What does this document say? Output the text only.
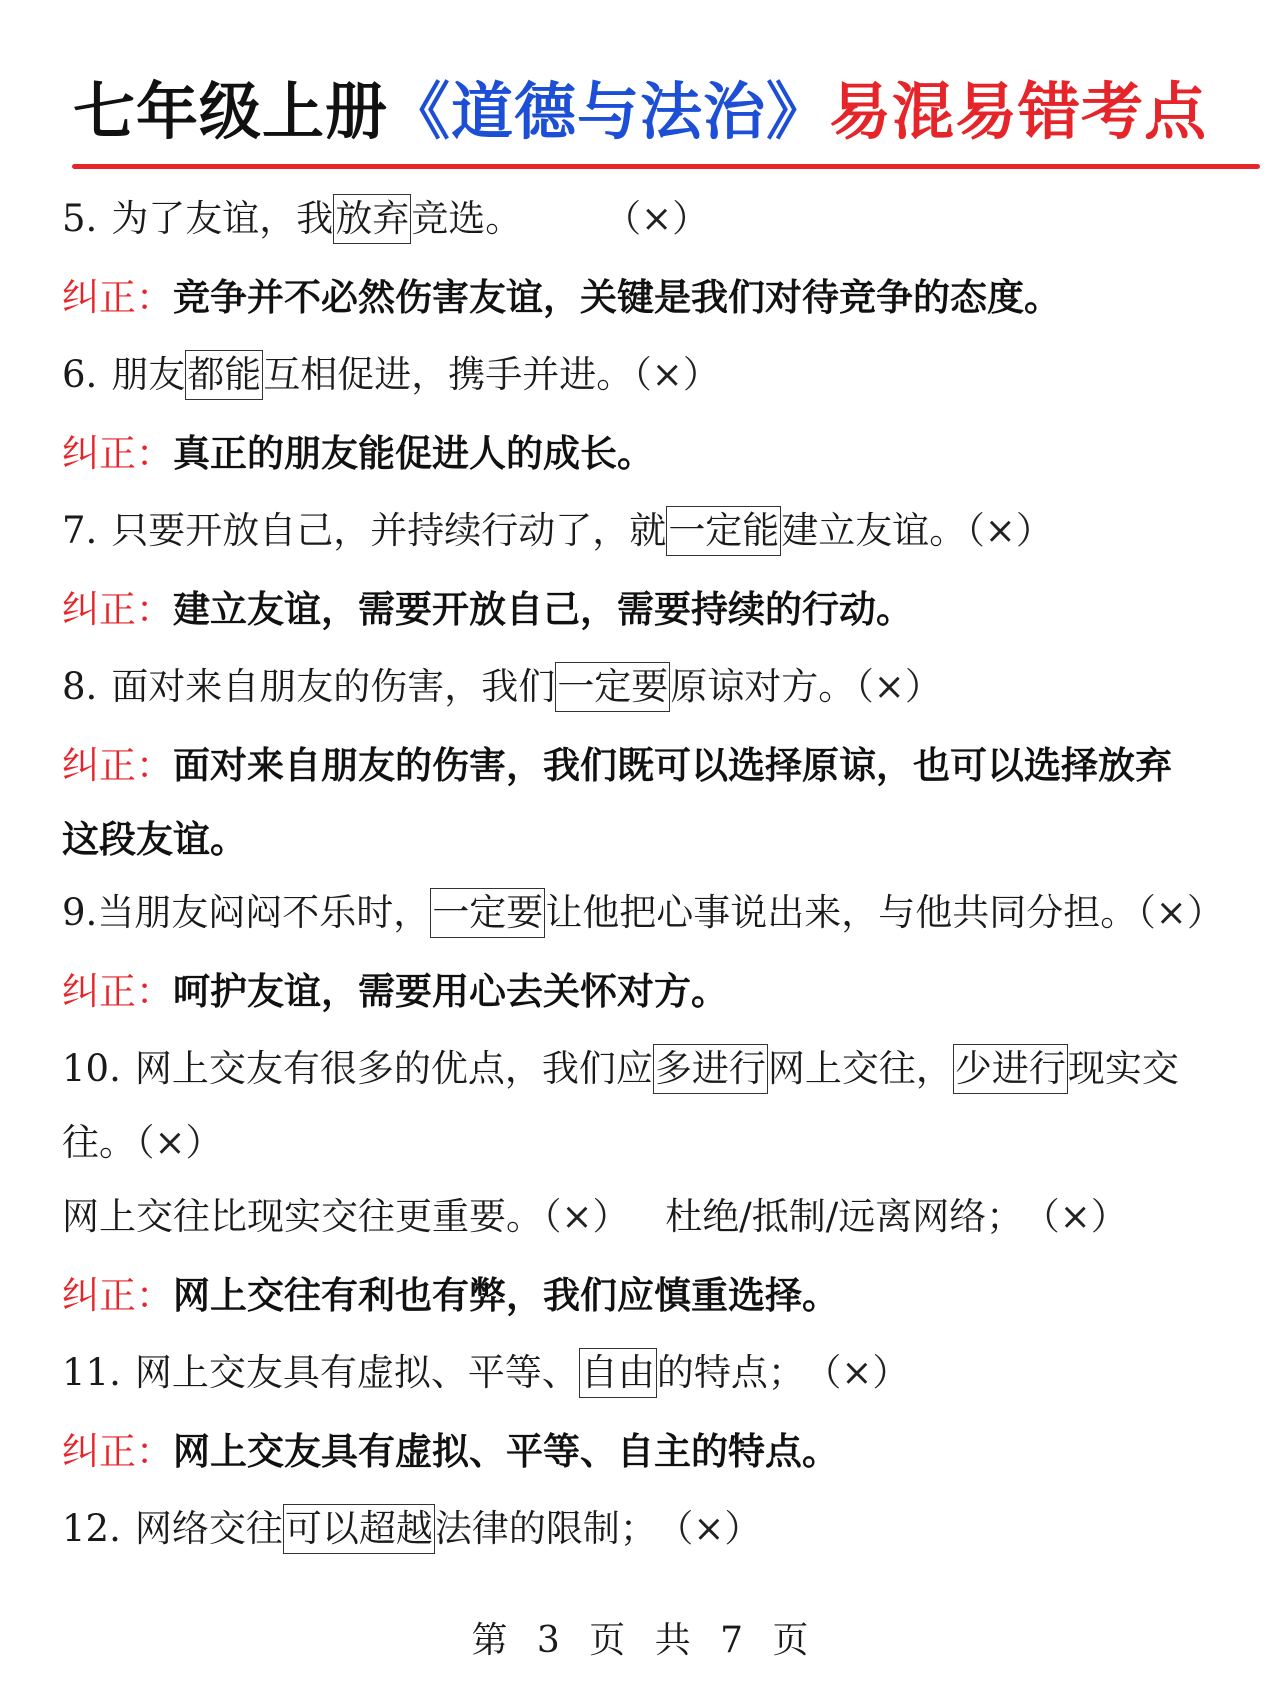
七年级上册《道德与法治》易混易错考点
5. 为了友谊，我放弃竞选。 （×）
纠正：竞争并不必然伤害友谊，关键是我们对待竞争的态度。
6. 朋友都能互相促进，携手并进。（×）
纠正：真正的朋友能促进人的成长。
7. 只要开放自己，并持续行动了，就一定能建立友谊。（×）
纠正：建立友谊，需要开放自己，需要持续的行动。
8. 面对来自朋友的伤害，我们一定要原谅对方。（×）
纠正：面对来自朋友的伤害，我们既可以选择原谅，也可以选择放弃
这段友谊。
9.当朋友闷闷不乐时，一定要让他把心事说出来，与他共同分担。（×）
纠正：呵护友谊，需要用心去关怀对方。
10. 网上交友有很多的优点，我们应多进行网上交往，少进行现实交
往。（×）
网上交往比现实交往更重要。（×） 杜绝/抵制/远离网络； （×）
纠正：网上交往有利也有弊，我们应慎重选择。
11. 网上交友具有虚拟、平等、自由的特点； （×）
纠正：网上交友具有虚拟、平等、自主的特点。
12. 网络交往可以超越法律的限制； （×）
第 3 页 共 7 页
